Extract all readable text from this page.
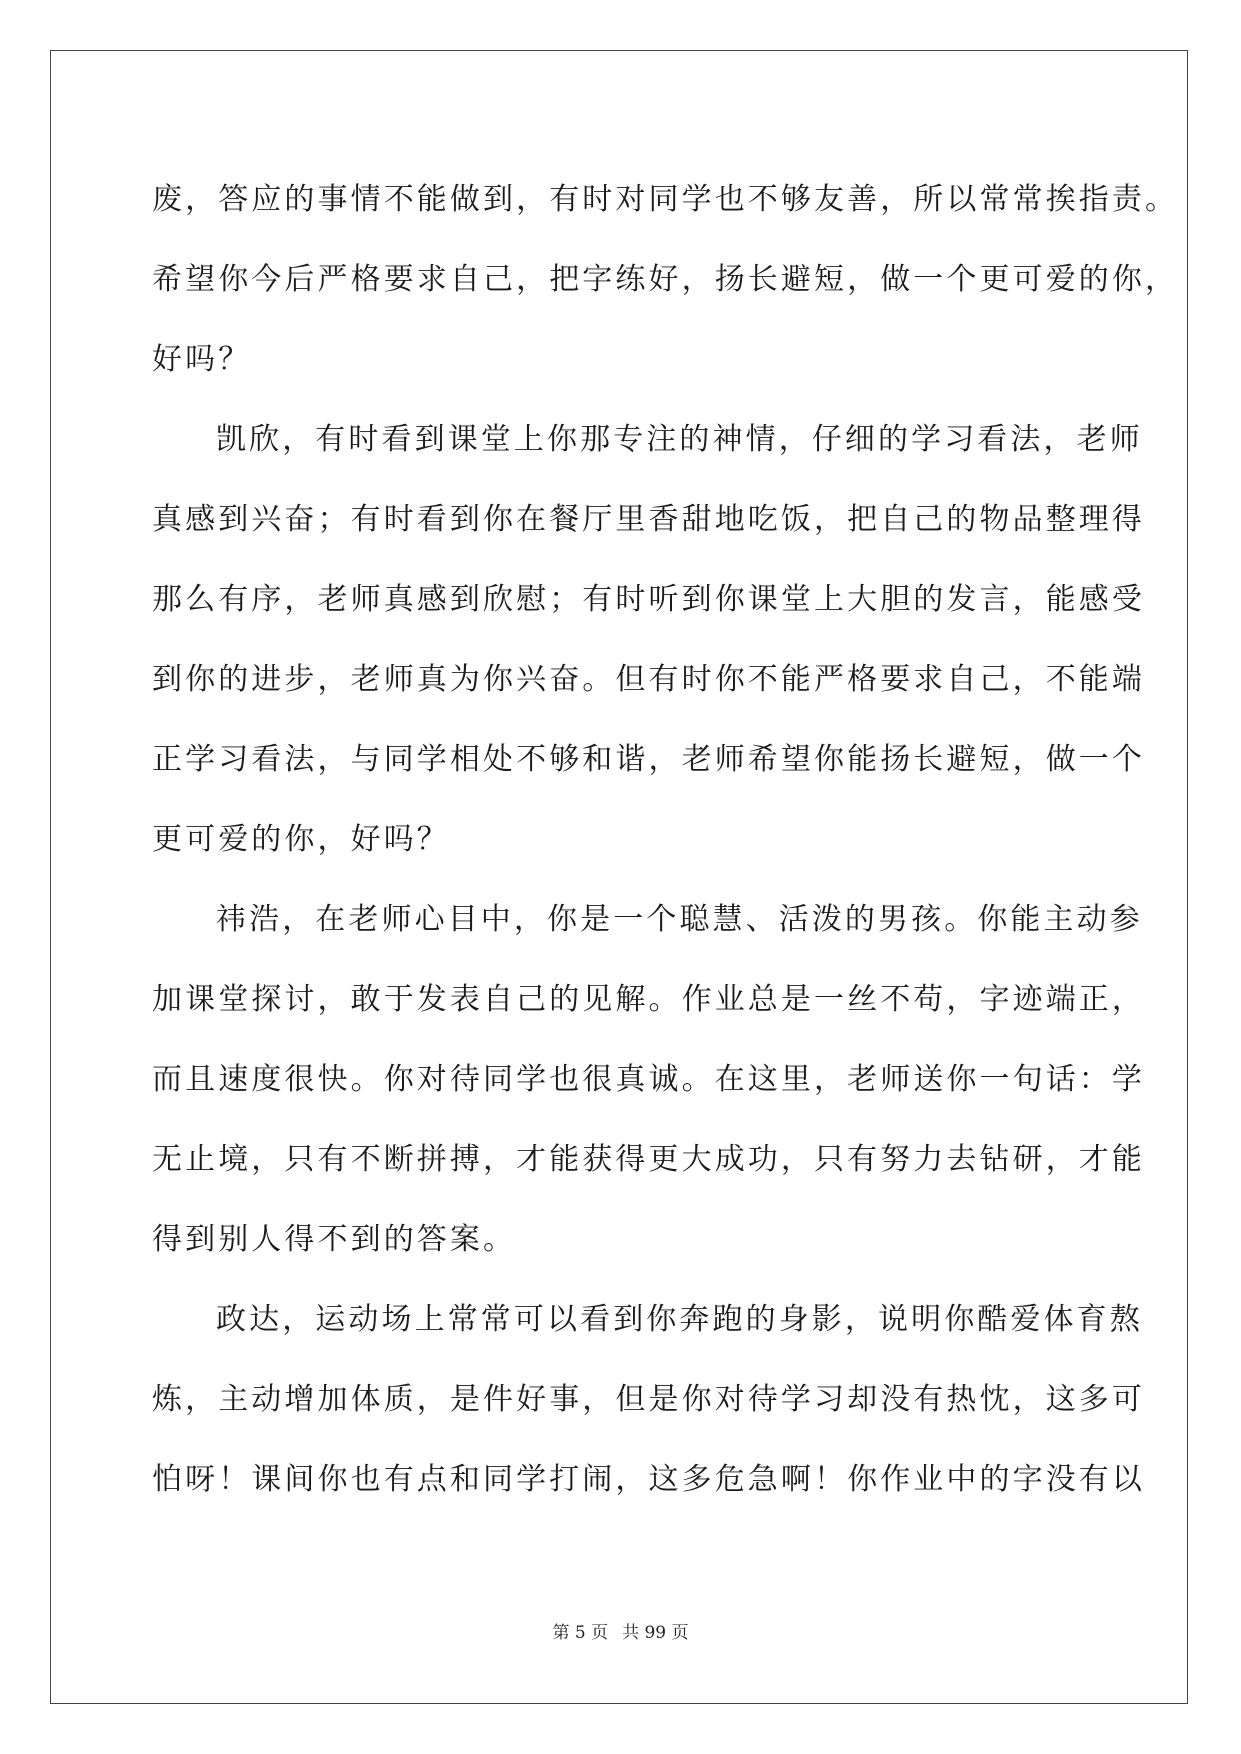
废，答应的事情不能做到，有时对同学也不够友善，所以常常挨指责。
希望你今后严格要求自己，把字练好，扬长避短，做一个更可爱的你，
好吗？
凯欣，有时看到课堂上你那专注的神情，仔细的学习看法，老师
真感到兴奋；有时看到你在餐厅里香甜地吃饭，把自己的物品整理得
那么有序，老师真感到欣慰；有时听到你课堂上大胆的发言，能感受
到你的进步，老师真为你兴奋。但有时你不能严格要求自己，不能端
正学习看法，与同学相处不够和谐，老师希望你能扬长避短，做一个
更可爱的你，好吗？
祎浩，在老师心目中，你是一个聪慧、活泼的男孩。你能主动参
加课堂探讨，敢于发表自己的见解。作业总是一丝不苟，字迹端正，
而且速度很快。你对待同学也很真诚。在这里，老师送你一句话：学
无止境，只有不断拼搏，才能获得更大成功，只有努力去钻研，才能
得到别人得不到的答案。
政达，运动场上常常可以看到你奔跑的身影，说明你酷爱体育熬
炼，主动增加体质，是件好事，但是你对待学习却没有热忱，这多可
怕呀！课间你也有点和同学打闹，这多危急啊！你作业中的字没有以
第 5 页 共 99 页
